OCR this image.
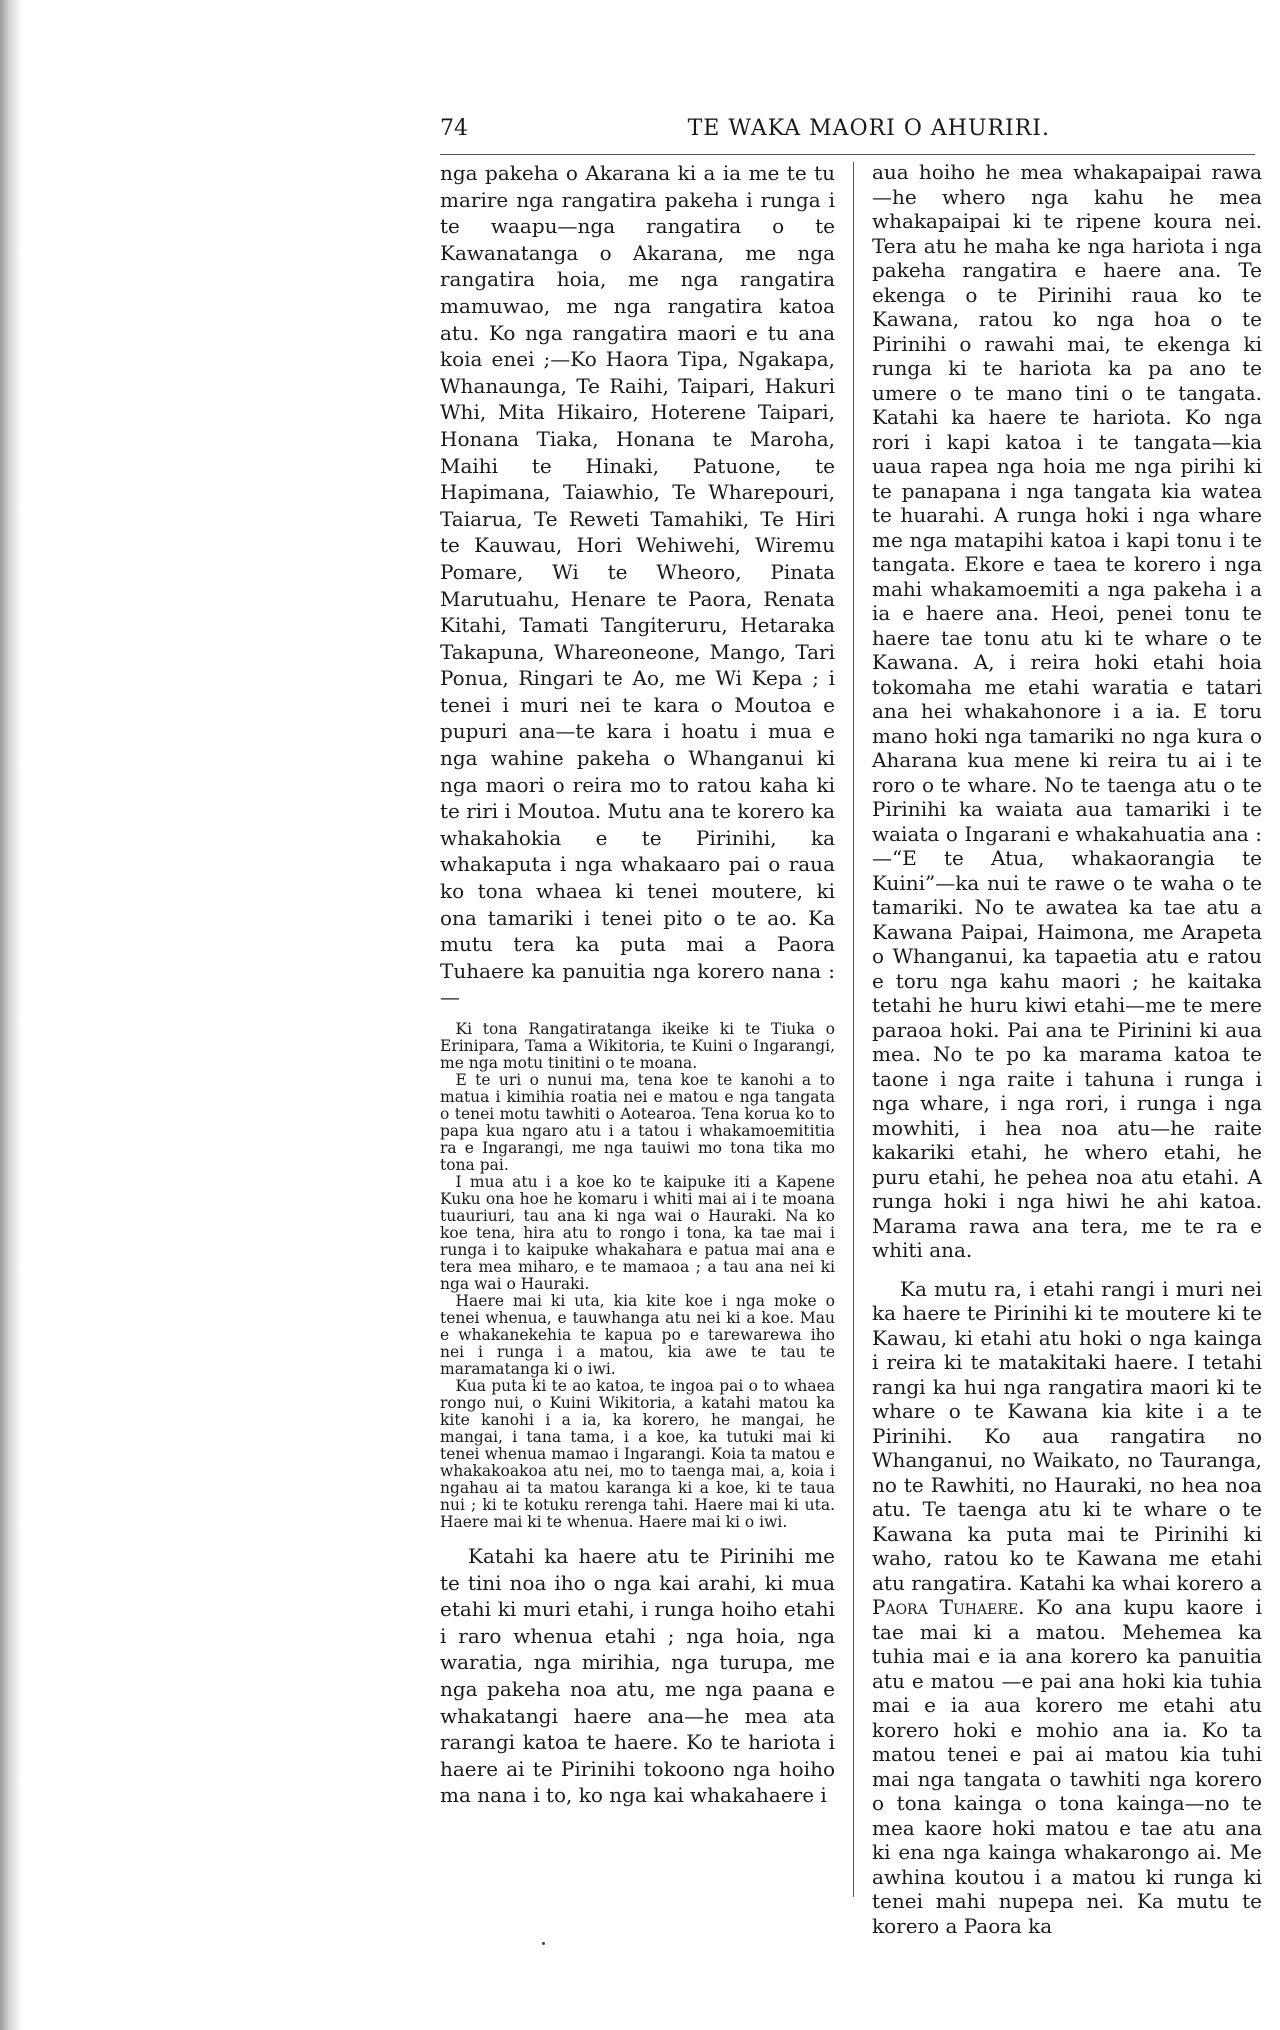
74	TE WAKA MAORI O AHURIRI.

nga pakeha o Akarana ki a ia me te tu marire nga rangatira pakeha i runga i te waapu—nga rangatira o te Kawanatanga o Akarana, me nga rangatira hoia, me nga rangatira mamuwao, me nga rangatira katoa atu. Ko nga rangatira maori e tu ana koia enei ;—Ko Haora Tipa, Ngakapa, Whanaunga, Te Raihi, Taipari, Hakuri Whi, Mita Hikairo, Hoterene Taipari, Honana Tiaka, Honana te Maroha, Maihi te Hinaki, Patuone, te Hapimana, Taiawhio, Te Wharepouri, Taiarua, Te Reweti Tamahiki, Te Hiri te Kauwau, Hori Wehiwehi, Wiremu Pomare, Wi te Wheoro, Pinata Marutuahu, Henare te Paora, Renata Kitahi, Tamati Tangiteruru, Hetaraka Takapuna, Whareoneone, Mango, Tari Ponua, Ringari te Ao, me Wi Kepa ; i tenei i muri nei te kara o Moutoa e pupuri ana—te kara i hoatu i mua e nga wahine pakeha o Whanganui ki nga maori o reira mo to ratou kaha ki te riri i Moutoa. Mutu ana te korero ka whakahokia e te Pirinihi, ka whakaputa i nga whakaaro pai o raua ko tona whaea ki tenei moutere, ki ona tamariki i tenei pito o te ao. Ka mutu tera ka puta mai a Paora Tuhaere ka panuitia nga korero nana :—

Ki tona Rangatiratanga ikeike ki te Tiuka o Erinipara, Tama a Wikitoria, te Kuini o Ingarangi, me nga motu tinitini o te moana.

E te uri o nunui ma, tena koe te kanohi a to matua i kimihia roatia nei e matou e nga tangata o tenei motu tawhiti o Aotearoa. Tena korua ko to papa kua ngaro atu i a tatou i whakamoemititia ra e Ingarangi, me nga tauiwi mo tona tika mo tona pai.

I mua atu i a koe ko te kaipuke iti a Kapene Kuku ona hoe he komaru i whiti mai ai i te moana tuauriuri, tau ana ki nga wai o Hauraki. Na ko koe tena, hira atu to rongo i tona, ka tae mai i runga i to kaipuke whakahara e patua mai ana e tera mea miharo, e te mamaoa ; a tau ana nei ki nga wai o Hauraki.

Haere mai ki uta, kia kite koe i nga moke o tenei whenua, e tauwhanga atu nei ki a koe. Mau e whakanekehia te kapua po e tarewarewa iho nei i runga i a matou, kia awe te tau te maramatanga ki o iwi.

Kua puta ki te ao katoa, te ingoa pai o to whaea rongo nui, o Kuini Wikitoria, a katahi matou ka kite kanohi i a ia, ka korero, he mangai, he mangai, i tana tama, i a koe, ka tutuki mai ki tenei whenua mamao i Ingarangi. Koia ta matou e whakakoakoa atu nei, mo to taenga mai, a, koia i ngahau ai ta matou karanga ki a koe, ki te taua nui ; ki te kotuku rerenga tahi. Haere mai ki uta. Haere mai ki te whenua. Haere mai ki o iwi.

Katahi ka haere atu te Pirinihi me te tini noa iho o nga kai arahi, ki mua etahi ki muri etahi, i runga hoiho etahi i raro whenua etahi ; nga hoia, nga waratia, nga mirihia, nga turupa, me nga pakeha noa atu, me nga paana e whakatangi haere ana—he mea ata rarangi katoa te haere. Ko te hariota i haere ai te Pirinihi tokoono nga hoiho ma nana i to, ko nga kai whakahaere i

aua hoiho he mea whakapaipai rawa—he whero nga kahu he mea whakapaipai ki te ripene koura nei. Tera atu he maha ke nga hariota i nga pakeha rangatira e haere ana. Te ekenga o te Pirinihi raua ko te Kawana, ratou ko nga hoa o te Pirinihi o rawahi mai, te ekenga ki runga ki te hariota ka pa ano te umere o te mano tini o te tangata. Katahi ka haere te hariota. Ko nga rori i kapi katoa i te tangata—kia uaua rapea nga hoia me nga pirihi ki te panapana i nga tangata kia watea te huarahi. A runga hoki i nga whare me nga matapihi katoa i kapi tonu i te tangata. Ekore e taea te korero i nga mahi whakamoemiti a nga pakeha i a ia e haere ana. Heoi, penei tonu te haere tae tonu atu ki te whare o te Kawana. A, i reira hoki etahi hoia tokomaha me etahi waratia e tatari ana hei whakahonore i a ia. E toru mano hoki nga tamariki no nga kura o Aharana kua mene ki reira tu ai i te roro o te whare. No te taenga atu o te Pirinihi ka waiata aua tamariki i te waiata o Ingarani e whakahuatia ana :—“E te Atua, whakaorangia te Kuini”—ka nui te rawe o te waha o te tamariki. No te awatea ka tae atu a Kawana Paipai, Haimona, me Arapeta o Whanganui, ka tapaetia atu e ratou e toru nga kahu maori ; he kaitaka tetahi he huru kiwi etahi—me te mere paraoa hoki. Pai ana te Pirinini ki aua mea. No te po ka marama katoa te taone i nga raite i tahuna i runga i nga whare, i nga rori, i runga i nga mowhiti, i hea noa atu—he raite kakariki etahi, he whero etahi, he puru etahi, he pehea noa atu etahi. A runga hoki i nga hiwi he ahi katoa. Marama rawa ana tera, me te ra e whiti ana.

Ka mutu ra, i etahi rangi i muri nei ka haere te Pirinihi ki te moutere ki te Kawau, ki etahi atu hoki o nga kainga i reira ki te matakitaki haere. I tetahi rangi ka hui nga rangatira maori ki te whare o te Kawana kia kite i a te Pirinihi. Ko aua rangatira no Whanganui, no Waikato, no Tauranga, no te Rawhiti, no Hauraki, no hea noa atu. Te taenga atu ki te whare o te Kawana ka puta mai te Pirinihi ki waho, ratou ko te Kawana me etahi atu rangatira. Katahi ka whai korero a Paora Tuhaere. Ko ana kupu kaore i tae mai ki a matou. Mehemea ka tuhia mai e ia ana korero ka panuitia atu e matou —e pai ana hoki kia tuhia mai e ia aua korero me etahi atu korero hoki e mohio ana ia. Ko ta matou tenei e pai ai matou kia tuhi mai nga tangata o tawhiti nga korero o tona kainga o tona kainga—no te mea kaore hoki matou e tae atu ana ki ena nga kainga whakarongo ai. Me awhina koutou i a matou ki runga ki tenei mahi nupepa nei. Ka mutu te korero a Paora ka
